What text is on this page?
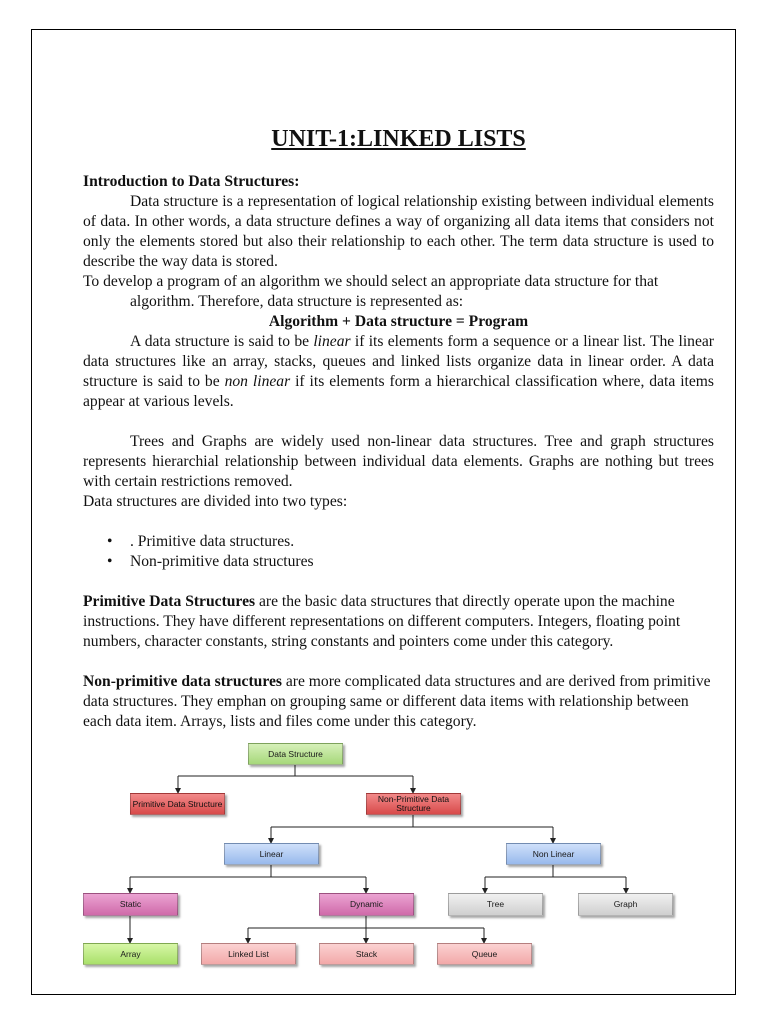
UNIT-1:LINKED LISTS

Introduction to Data Structures:

Data structure is a representation of logical relationship existing between individual elements of data. In other words, a data structure defines a way of organizing all data items that considers not only the elements stored but also their relationship to each other. The term data structure is used to describe the way data is stored.

To develop a program of an algorithm we should select an appropriate data structure for that algorithm. Therefore, data structure is represented as:

Algorithm + Data structure = Program

A data structure is said to be linear if its elements form a sequence or a linear list. The linear data structures like an array, stacks, queues and linked lists organize data in linear order. A data structure is said to be non linear if its elements form a hierarchical classification where, data items appear at various levels.

Trees and Graphs are widely used non-linear data structures. Tree and graph structures represents hierarchial relationship between individual data elements. Graphs are nothing but trees with certain restrictions removed.

Data structures are divided into two types:

• . Primitive data structures.
• Non-primitive data structures

Primitive Data Structures are the basic data structures that directly operate upon the machine instructions. They have different representations on different computers. Integers, floating point numbers, character constants, string constants and pointers come under this category.

Non-primitive data structures are more complicated data structures and are derived from primitive data structures. They emphan on grouping same or different data items with relationship between each data item. Arrays, lists and files come under this category.

Data Structure
Primitive Data Structure	Non-Primitive Data Structure
Linear	Non Linear
Static	Dynamic	Tree	Graph
Array	Linked List	Stack	Queue
